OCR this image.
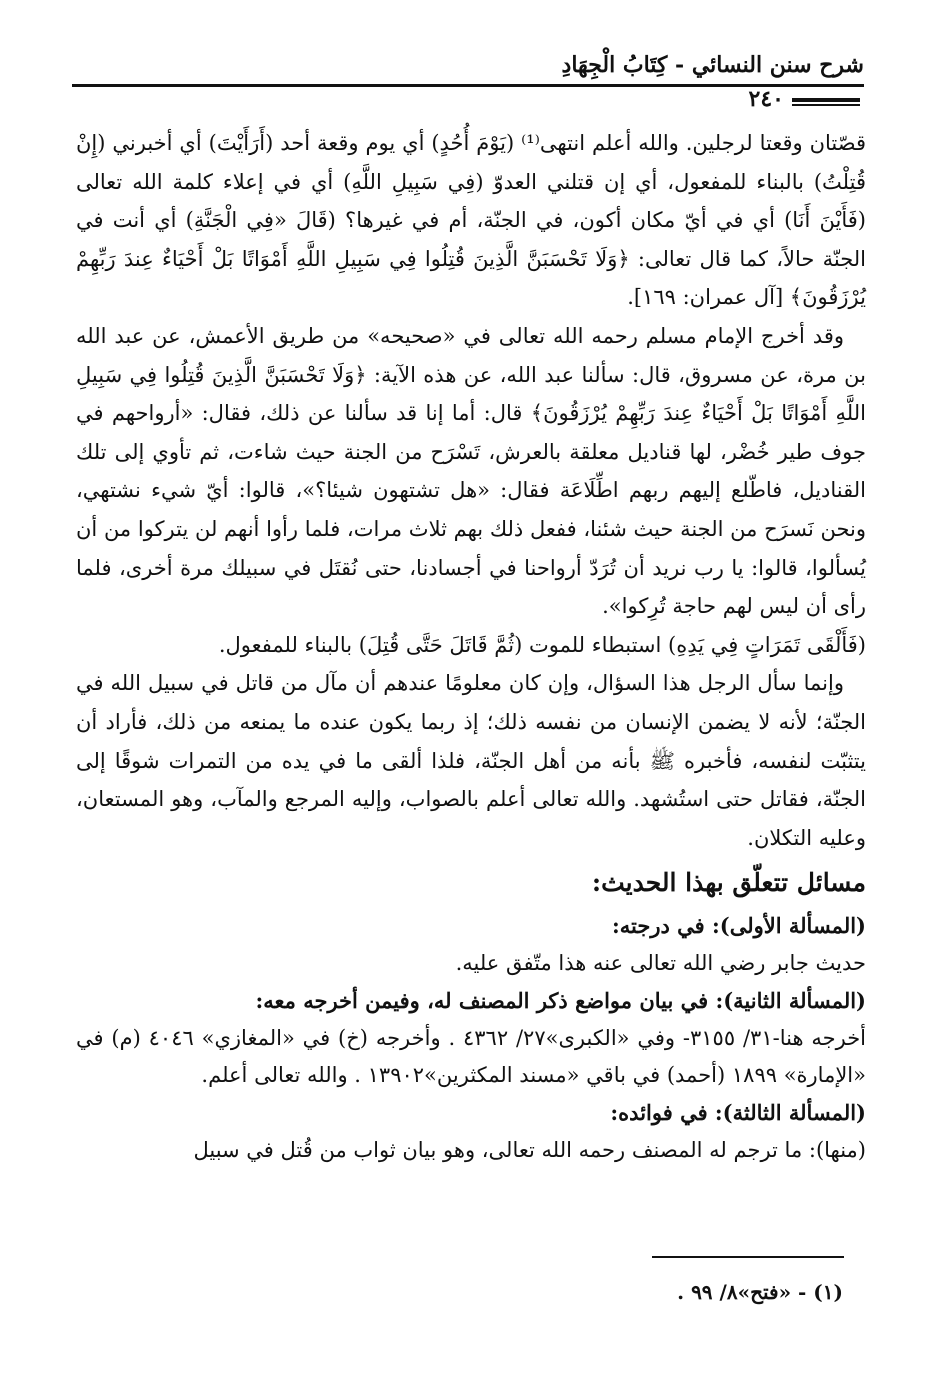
شرح سنن النسائي - كِتَابُ الْجِهَادِ
٢٤٠

قصّتان وقعتا لرجلين. والله أعلم انتهى⁽¹⁾ (يَوْمَ أُحُدٍ) أي يوم وقعة أحد (أَرَأَيْتَ) أي أخبرني (إِنْ قُتِلْتُ) بالبناء للمفعول، أي إن قتلني العدوّ (فِي سَبِيلِ اللَّهِ) أي في إعلاء كلمة الله تعالى (فَأَيْنَ أَنَا) أي في أيّ مكان أكون، في الجنّة، أم في غيرها؟ (قَالَ «فِي الْجَنَّةِ) أي أنت في الجنّة حالاً، كما قال تعالى: ﴿وَلَا تَحْسَبَنَّ الَّذِينَ قُتِلُوا فِي سَبِيلِ اللَّهِ أَمْوَاتًا بَلْ أَحْيَاءٌ عِندَ رَبِّهِمْ يُرْزَقُونَ﴾ [آل عمران: ١٦٩].

وقد أخرج الإمام مسلم رحمه الله تعالى في «صحيحه» من طريق الأعمش، عن عبد الله بن مرة، عن مسروق، قال: سألنا عبد الله، عن هذه الآية: ﴿وَلَا تَحْسَبَنَّ الَّذِينَ قُتِلُوا فِي سَبِيلِ اللَّهِ أَمْوَاتًا بَلْ أَحْيَاءٌ عِندَ رَبِّهِمْ يُرْزَقُونَ﴾ قال: أما إنا قد سألنا عن ذلك، فقال: «أرواحهم في جوف طير خُضْر، لها قناديل معلقة بالعرش، تَسْرَح من الجنة حيث شاءت، ثم تأوي إلى تلك القناديل، فاطّلع إليهم ربهم اطِّلَاعَة فقال: «هل تشتهون شيئا؟»، قالوا: أيّ شيء نشتهي، ونحن نَسرَح من الجنة حيث شئنا، ففعل ذلك بهم ثلاث مرات، فلما رأوا أنهم لن يتركوا من أن يُسألوا، قالوا: يا رب نريد أن تُرَدّ أرواحنا في أجسادنا، حتى نُقتَل في سبيلك مرة أخرى، فلما رأى أن ليس لهم حاجة تُرِكوا».

(فَأَلْقَى تَمَرَاتٍ فِي يَدِهِ) استبطاء للموت (ثُمَّ قَاتَلَ حَتَّى قُتِلَ) بالبناء للمفعول.

وإنما سأل الرجل هذا السؤال، وإن كان معلومًا عندهم أن مآل من قاتل في سبيل الله في الجنّة؛ لأنه لا يضمن الإنسان من نفسه ذلك؛ إذ ربما يكون عنده ما يمنعه من ذلك، فأراد أن يتثبّت لنفسه، فأخبره ﷺ بأنه من أهل الجنّة، فلذا ألقى ما في يده من التمرات شوقًا إلى الجنّة، فقاتل حتى استُشهد. والله تعالى أعلم بالصواب، وإليه المرجع والمآب، وهو المستعان، وعليه التكلان.

مسائل تتعلّق بهذا الحديث:

(المسألة الأولى): في درجته:

حديث جابر رضي الله تعالى عنه هذا متّفق عليه.

(المسألة الثانية): في بيان مواضع ذكر المصنف له، وفيمن أخرجه معه:

أخرجه هنا-٣١/ ٣١٥٥- وفي «الكبرى»٢٧/ ٤٣٦٢ . وأخرجه (خ) في «المغازي» ٤٠٤٦ (م) في «الإمارة» ١٨٩٩ (أحمد) في باقي «مسند المكثرين»١٣٩٠٢ . والله تعالى أعلم.

(المسألة الثالثة): في فوائده:

(منها): ما ترجم له المصنف رحمه الله تعالى، وهو بيان ثواب من قُتل في سبيل

(١) - «فتح»٨/ ٩٩ .
